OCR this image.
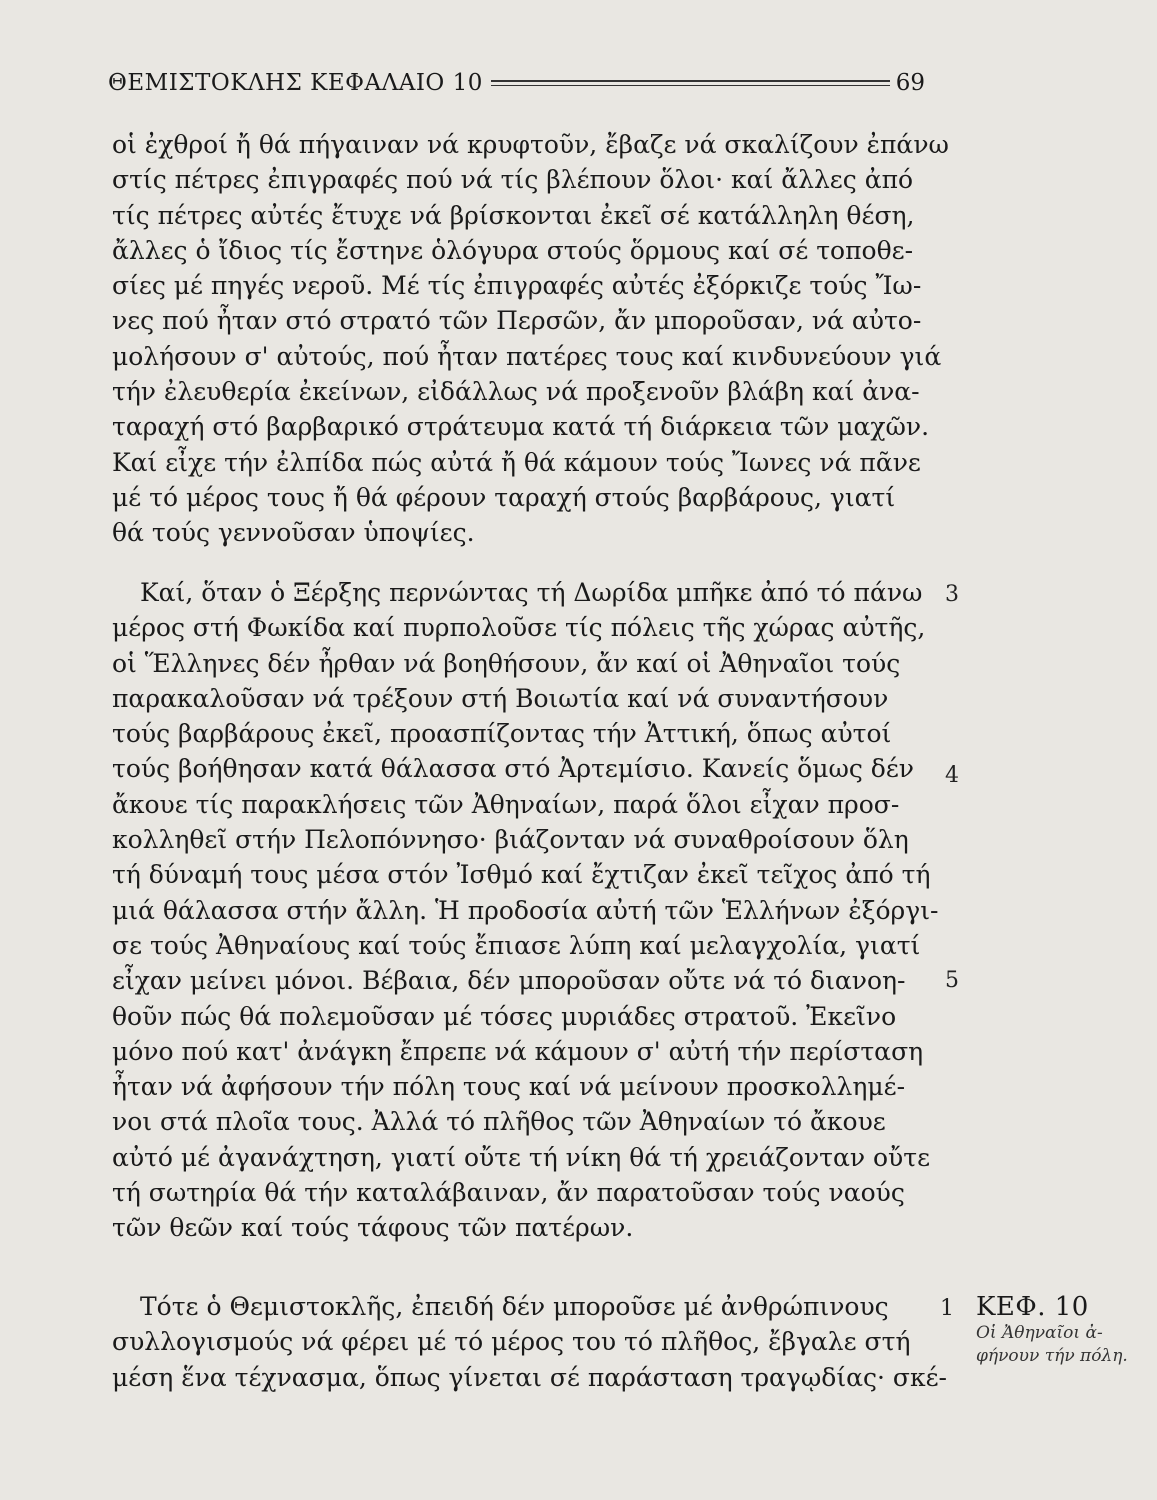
ΘΕΜΙΣΤΟΚΛΗΣ ΚΕΦΑΛΑΙΟ 10	69
οἱ ἐχθροί ἤ θά πήγαιναν νά κρυφτοῦν, ἔβαζε νά σκαλίζουν ἐπάνω
στίς πέτρες ἐπιγραφές πού νά τίς βλέπουν ὅλοι· καί ἄλλες ἀπό
τίς πέτρες αὐτές ἔτυχε νά βρίσκονται ἐκεῖ σέ κατάλληλη θέση,
ἄλλες ὁ ἴδιος τίς ἔστηνε ὁλόγυρα στούς ὅρμους καί σέ τοποθε-
σίες μέ πηγές νεροῦ. Μέ τίς ἐπιγραφές αὐτές ἐξόρκιζε τούς Ἴω-
νες πού ἦταν στό στρατό τῶν Περσῶν, ἄν μποροῦσαν, νά αὐτο-
μολήσουν σ' αὐτούς, πού ἦταν πατέρες τους καί κινδυνεύουν γιά
τήν ἐλευθερία ἐκείνων, εἰδάλλως νά προξενοῦν βλάβη καί ἀνα-
ταραχή στό βαρβαρικό στράτευμα κατά τή διάρκεια τῶν μαχῶν.
Καί εἶχε τήν ἐλπίδα πώς αὐτά ἤ θά κάμουν τούς Ἴωνες νά πᾶνε
μέ τό μέρος τους ἤ θά φέρουν ταραχή στούς βαρβάρους, γιατί
θά τούς γεννοῦσαν ὑποψίες.
Καί, ὅταν ὁ Ξέρξης περνώντας τή Δωρίδα μπῆκε ἀπό τό πάνω
μέρος στή Φωκίδα καί πυρπολοῦσε τίς πόλεις τῆς χώρας αὐτῆς,
οἱ Ἕλληνες δέν ἦρθαν νά βοηθήσουν, ἄν καί οἱ Ἀθηναῖοι τούς
παρακαλοῦσαν νά τρέξουν στή Βοιωτία καί νά συναντήσουν
τούς βαρβάρους ἐκεῖ, προασπίζοντας τήν Ἀττική, ὅπως αὐτοί
τούς βοήθησαν κατά θάλασσα στό Ἀρτεμίσιο. Κανείς ὅμως δέν
ἄκουε τίς παρακλήσεις τῶν Ἀθηναίων, παρά ὅλοι εἶχαν προσ-
κολληθεῖ στήν Πελοπόννησο· βιάζονταν νά συναθροίσουν ὅλη
τή δύναμή τους μέσα στόν Ἰσθμό καί ἔχτιζαν ἐκεῖ τεῖχος ἀπό τή
μιά θάλασσα στήν ἄλλη. Ἡ προδοσία αὐτή τῶν Ἑλλήνων ἐξόργι-
σε τούς Ἀθηναίους καί τούς ἔπιασε λύπη καί μελαγχολία, γιατί
εἶχαν μείνει μόνοι. Βέβαια, δέν μποροῦσαν οὔτε νά τό διανοη-
θοῦν πώς θά πολεμοῦσαν μέ τόσες μυριάδες στρατοῦ. Ἐκεῖνο
μόνο πού κατ' ἀνάγκη ἔπρεπε νά κάμουν σ' αὐτή τήν περίσταση
ἦταν νά ἀφήσουν τήν πόλη τους καί νά μείνουν προσκολλημέ-
νοι στά πλοῖα τους. Ἀλλά τό πλῆθος τῶν Ἀθηναίων τό ἄκουε
αὐτό μέ ἀγανάχτηση, γιατί οὔτε τή νίκη θά τή χρειάζονταν οὔτε
τή σωτηρία θά τήν καταλάβαιναν, ἄν παρατοῦσαν τούς ναούς
τῶν θεῶν καί τούς τάφους τῶν πατέρων.
Τότε ὁ Θεμιστοκλῆς, ἐπειδή δέν μποροῦσε μέ ἀνθρώπινους
συλλογισμούς νά φέρει μέ τό μέρος του τό πλῆθος, ἔβγαλε στή
μέση ἕνα τέχνασμα, ὅπως γίνεται σέ παράσταση τραγῳδίας· σκέ-
3
4
5
1 ΚΕΦ. 10
Οἱ Ἀθηναῖοι ἀ-
φήνουν τήν πόλη.
